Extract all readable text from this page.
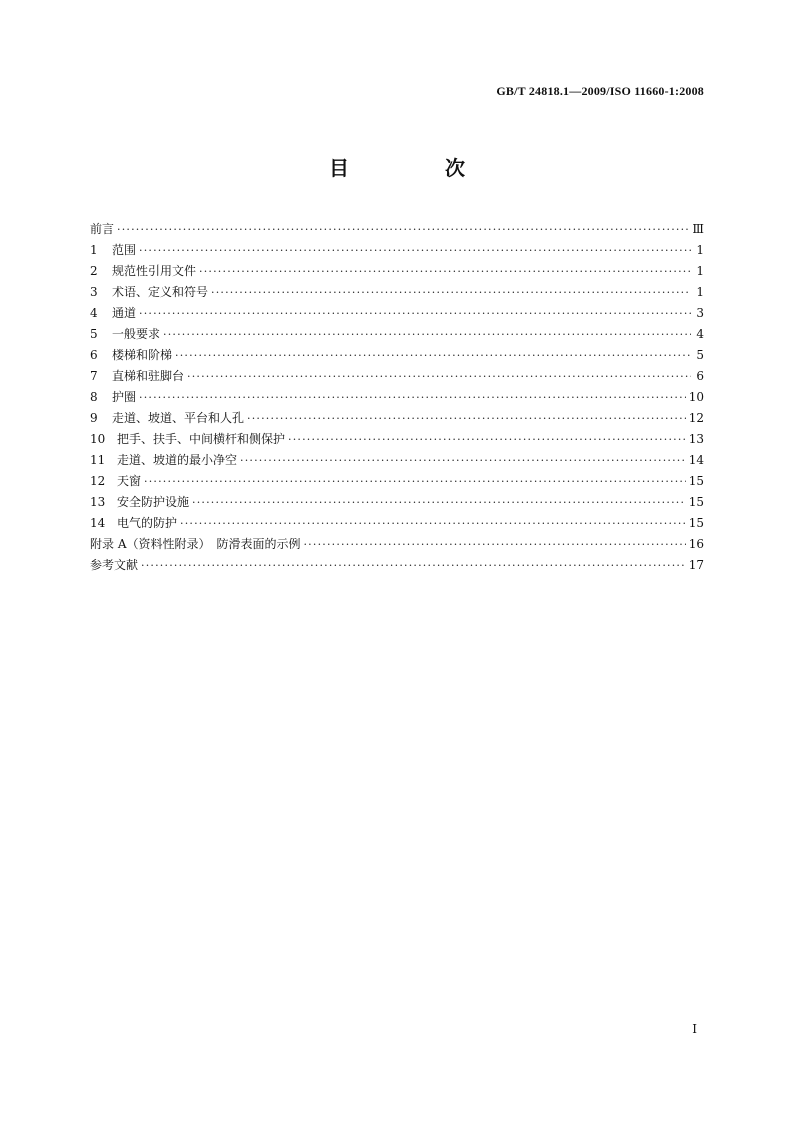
GB/T 24818.1—2009/ISO 11660-1:2008
目　次
前言 ·····	Ⅲ
1	范围 ·····	1
2	规范性引用文件 ·····	1
3	术语、定义和符号 ·····	1
4	通道 ·····	3
5	一般要求 ·····	4
6	楼梯和阶梯 ·····	5
7	直梯和驻脚台 ·····	6
8	护圈 ·····	10
9	走道、坡道、平台和人孔 ·····	12
10 把手、扶手、中间横杆和侧保护 ·····	13
11 走道、坡道的最小净空 ·····	14
12 天窗 ·····	15
13 安全防护设施 ·····	15
14 电气的防护 ·····	15
附录 A（资料性附录）　防滑表面的示例 ·····	16
参考文献 ·····	17
I
